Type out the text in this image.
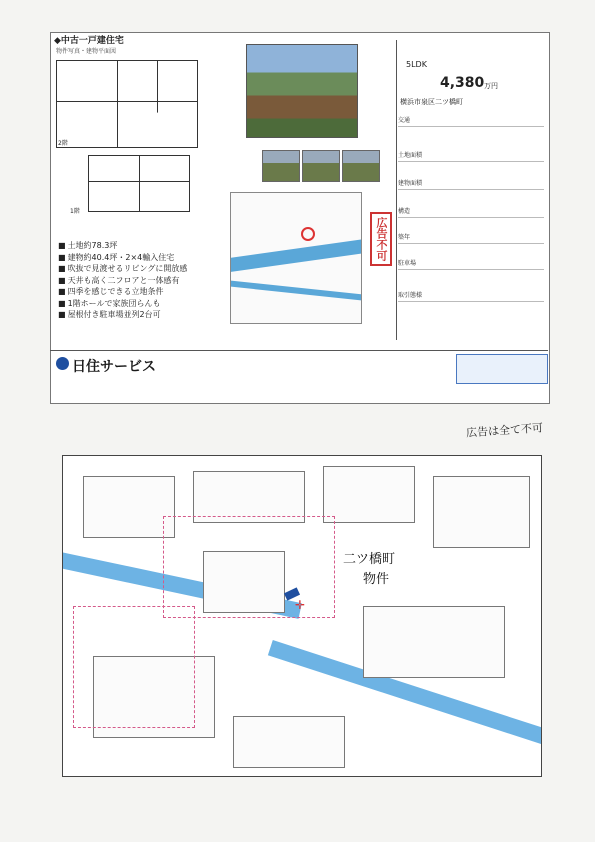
◆中古一戸建住宅
物件写真・建物平面図
2階
1階
広告不可
5LDK
4,380 万円
横浜市泉区二ツ橋町
交通
土地面積
建物面積
構造
築年
駐車場
取引態様
■ 土地約78.3坪
■ 建物約40.4坪・2×4輸入住宅
■ 吹抜で見渡せるリビングに開放感
■ 天井も高く二フロアと一体感有
■ 四季を感じできる立地条件
■ 1階ホールで家族団らんも
■ 屋根付き駐車場並列2台可
日住サービス
広告は全て不可
✛
二ツ橋町
物件
